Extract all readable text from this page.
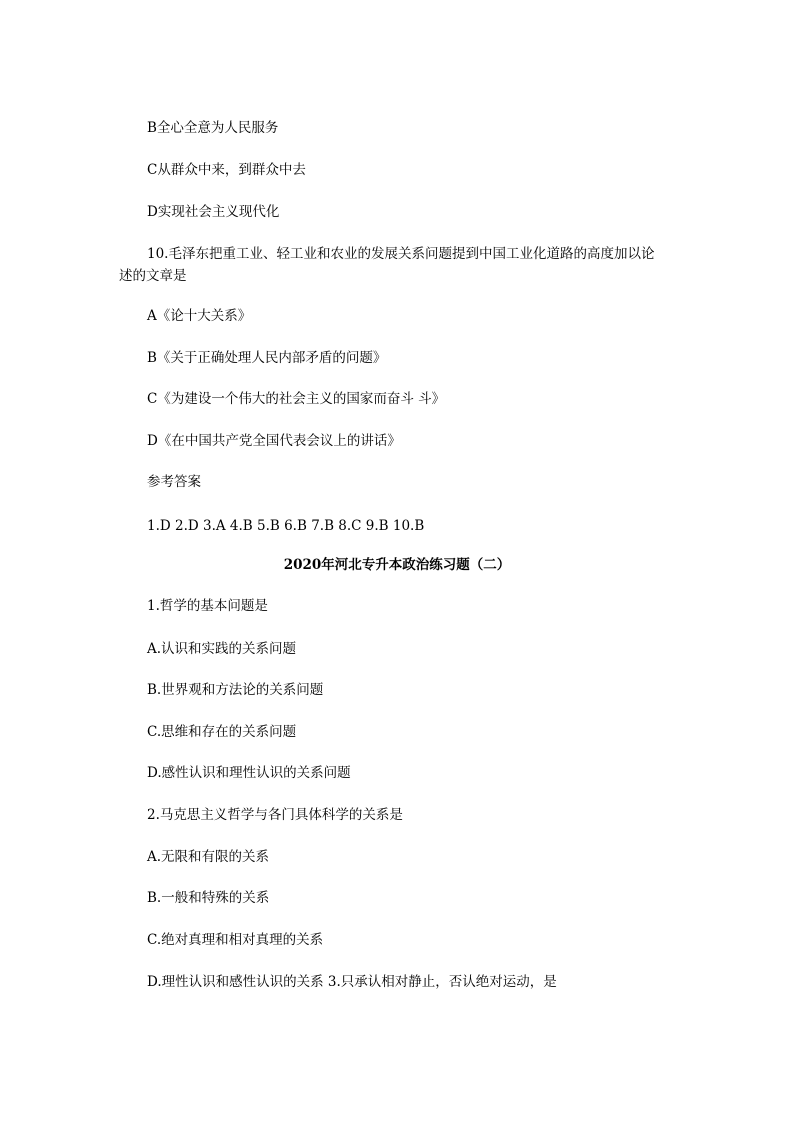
B全心全意为人民服务
C从群众中来，到群众中去
D实现社会主义现代化
10.毛泽东把重工业、轻工业和农业的发展关系问题提到中国工业化道路的高度加以论
述的文章是
A《论十大关系》
B《关于正确处理人民内部矛盾的问题》
C《为建设一个伟大的社会主义的国家而奋斗 斗》
D《在中国共产党全国代表会议上的讲话》
参考答案
1.D 2.D 3.A 4.B 5.B 6.B 7.B 8.C 9.B 10.B
2020年河北专升本政治练习题（二）
1.哲学的基本问题是
A.认识和实践的关系问题
B.世界观和方法论的关系问题
C.思维和存在的关系问题
D.感性认识和理性认识的关系问题
2.马克思主义哲学与各门具体科学的关系是
A.无限和有限的关系
B.一般和特殊的关系
C.绝对真理和相对真理的关系
D.理性认识和感性认识的关系 3.只承认相对静止，否认绝对运动，是
